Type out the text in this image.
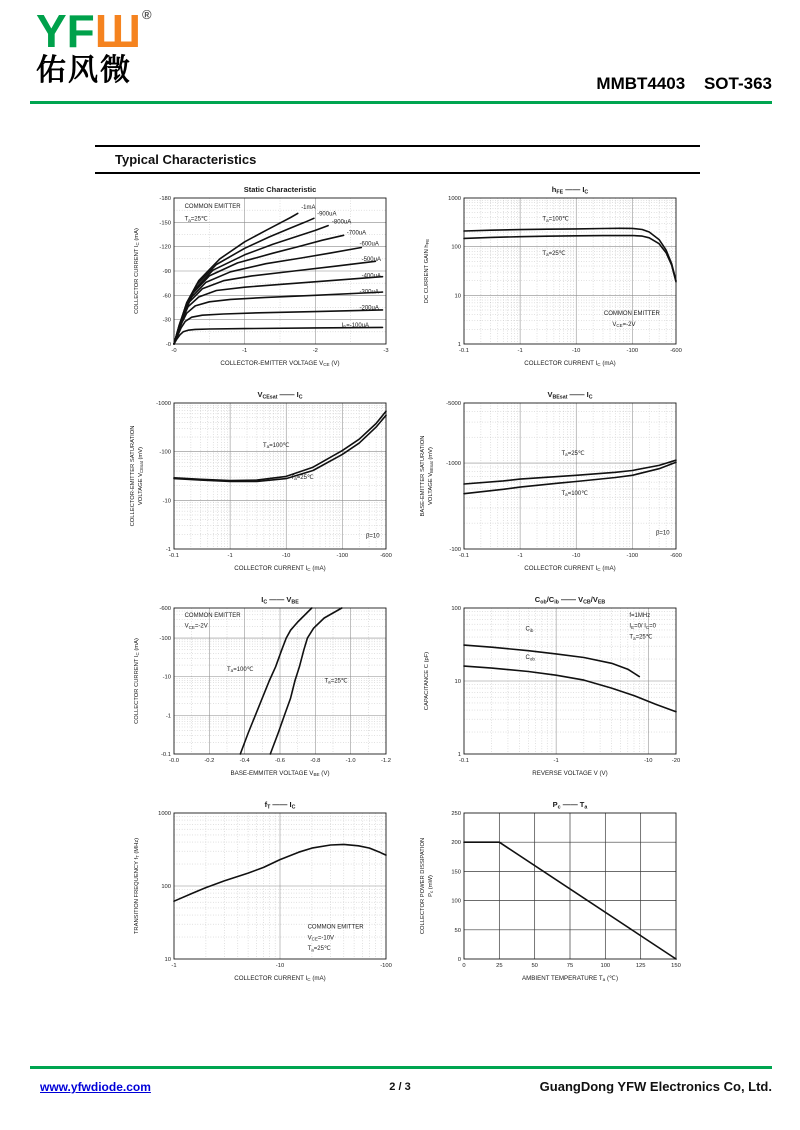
YFШ®
佑风微	MMBT4403 SOT-363
Typical Characteristics
-0	-1	-2	-3
-0
-30
-60
-90
-120
-150
-180
COMMON EMITTER
Ta=25℃
-1mA
-900uA
-800uA
-700uA
-600uA
-500uA
-400uA
-300uA
-200uA
IB=-100uA
Static Characteristic
COLLECTOR-EMITTER VOLTAGE VCE (V)
COLLECTOR CURRENT IC (mA)
-0.1	-1	-10	-100	-600
1
10
100
1000
Ta=100℃
Ta=25℃
COMMON EMITTER
VCE=-2V
$h_{FE}$ —— $I_C$
COLLECTOR CURRENT IC (mA)
DC CURRENT GAIN hFE
-0.1	-1	-10	-100	-600
-1
-10
-100
-1000
Ta=100℃
Ta=25℃
β=10
$V_{CEsat}$ —— $I_C$
COLLECTOR CURRENT IC (mA)
COLLECTOR-EMITTER SATURATION VOLTAGE VCEsat (mV)
-0.1	-1	-10	-100	-600
-100
-1000
-5000
Ta=25℃
Ta=100℃
β=10
$V_{BEsat}$ —— $I_C$
COLLECTOR CURRENT IC (mA)
BASE-EMITTER SATURATION VOLTAGE VBEsat (mV)
-0.0	-0.2	-0.4	-0.6	-0.8	-1.0	-1.2
-0.1
-1
-10
-100
-600
COMMON EMITTER
VCE=-2V
Ta=100℃
Ta=25℃
$I_C$ —— $V_{BE}$
BASE-EMMITER VOLTAGE VBE (V)
COLLECTOR CURRENT IC (mA)
-0.1	-1	-10	-20
1
10
100
f=1MHz
IE=0/ IC=0
Ta=25℃
Cib
Cob
$C_{ob}/C_{ib}$ —— $V_{CB}/V_{EB}$
REVERSE VOLTAGE V (V)
CAPACITANCE C (pF)
-1	-10	-100
10
100
1000
COMMON EMITTER
VCE=-10V
Ta=25℃
$f_T$ —— $I_C$
COLLECTOR CURRENT IC (mA)
TRANSITION FREQUENCY fT (MHz)
0	25	50	75	100	125	150
0
50
100
150
200
250
$P_c$ —— $T_a$
AMBIENT TEMPERATURE Ta (℃)
COLLECTOR POWER DISSIPATION Pc (mW)
www.yfwdiode.com	2 / 3	GuangDong YFW Electronics Co, Ltd.
